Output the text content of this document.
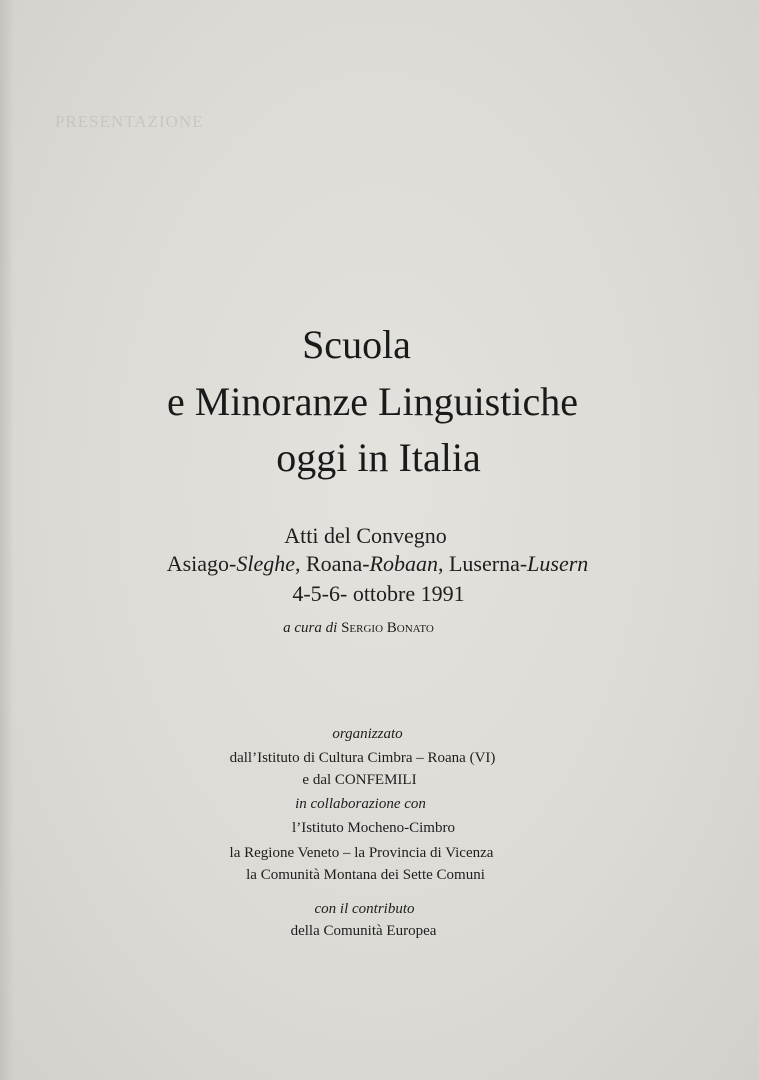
PRESENTAZIONE
Scuola
e Minoranze Linguistiche
oggi in Italia
Atti del Convegno
Asiago-Sleghe, Roana-Robaan, Luserna-Lusern
4-5-6- ottobre 1991
a cura di Sergio Bonato
organizzato
dall’Istituto di Cultura Cimbra – Roana (VI)
e dal CONFEMILI
in collaborazione con
l’Istituto Mocheno-Cimbro
la Regione Veneto – la Provincia di Vicenza
la Comunità Montana dei Sette Comuni
con il contributo
della Comunità Europea
